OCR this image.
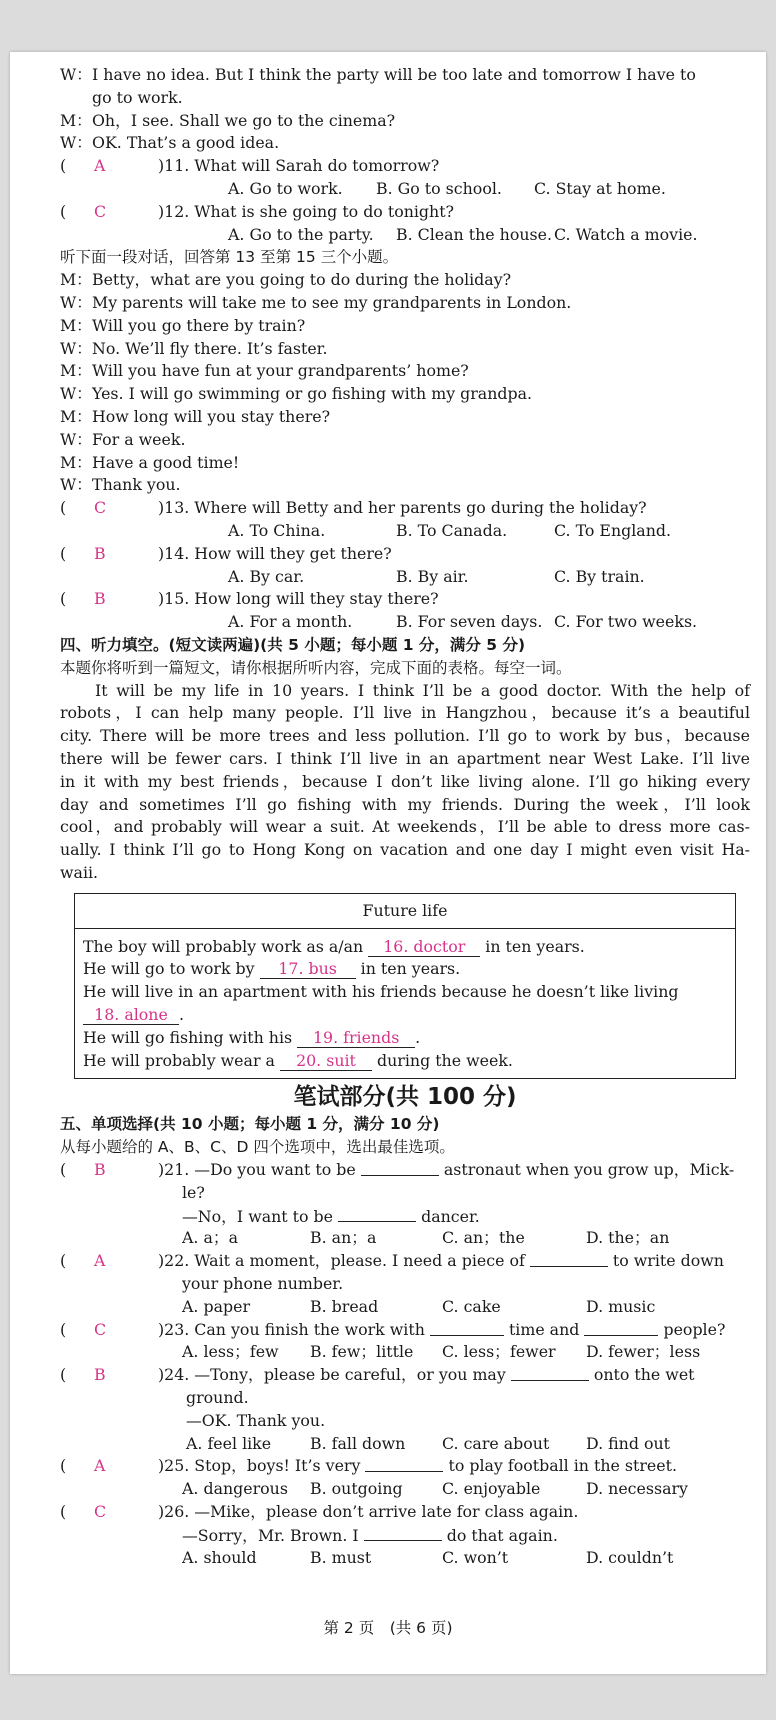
W：I have no idea. But I think the party will be too late and tomorrow I have to
go to work.
M：Oh，I see. Shall we go to the cinema?
W：OK. That’s a good idea.
(	A	)11. What will Sarah do tomorrow?
A. Go to work.	B. Go to school.	C. Stay at home.
(	C	)12. What is she going to do tonight?
A. Go to the party.	B. Clean the house. C. Watch a movie.
听下面一段对话，回答第 13 至第 15 三个小题。
M：Betty，what are you going to do during the holiday?
W：My parents will take me to see my grandparents in London.
M：Will you go there by train?
W：No. We’ll fly there. It’s faster.
M：Will you have fun at your grandparents’ home?
W：Yes. I will go swimming or go fishing with my grandpa.
M：How long will you stay there?
W：For a week.
M：Have a good time!
W：Thank you.
(	C	)13. Where will Betty and her parents go during the holiday?
A. To China.	B. To Canada.	C. To England.
(	B	)14. How will they get there?
A. By car.	B. By air.	C. By train.
(	B	)15. How long will they stay there?
A. For a month.	B. For seven days. C. For two weeks.
四、听力填空。(短文读两遍)(共 5 小题；每小题 1 分，满分 5 分)
本题你将听到一篇短文，请你根据所听内容，完成下面的表格。每空一词。
It will be my life in 10 years. I think I’ll be a good doctor. With the help of
robots，I can help many people. I’ll live in Hangzhou，because it’s a beautiful
city. There will be more trees and less pollution. I’ll go to work by bus，because
there will be fewer cars. I think I’ll live in an apartment near West Lake. I’ll live
in it with my best friends，because I don’t like living alone. I’ll go hiking every
day and sometimes I’ll go fishing with my friends. During the week，I’ll look
cool，and probably will wear a suit. At weekends，I’ll be able to dress more cas-
ually. I think I’ll go to Hong Kong on vacation and one day I might even visit Ha-
waii.
Future life
The boy will probably work as a/an 16. doctor in ten years.
He will go to work by 17. bus in ten years.
He will live in an apartment with his friends because he doesn’t like living
18. alone .
He will go fishing with his 19. friends .
He will probably wear a 20. suit during the week.
笔试部分(共 100 分)
五、单项选择(共 10 小题；每小题 1 分，满分 10 分)
从每小题给的 A、B、C、D 四个选项中，选出最佳选项。
(	B	)21. —Do you want to be

	astronaut when you grow up，Mick-
le?
—No，I want to be	dancer.
A. a；a	B. an；a	C. an；the	D. the；an
(	A	)22. Wait a moment，please. I need a piece of

	to write down
your phone number.
A. paper	B. bread	C. cake	D. music
(	C	)23. Can you finish the work with

	time and

	people?
A. less；few	B. few；little	C. less；fewer	D. fewer；less
(	B	)24. —Tony，please be careful，or you may

	onto the wet
ground.
—OK. Thank you.
A. feel like	B. fall down	C. care about	D. find out
(	A	)25. Stop，boys! It’s very

	to play football in the street.
A. dangerous	B. outgoing	C. enjoyable	D. necessary
(	C	)26. —Mike，please don’t arrive late for class again.
—Sorry，Mr. Brown. I	do that again.
A. should	B. must	C. won’t	D. couldn’t
第 2 页　(共 6 页)
